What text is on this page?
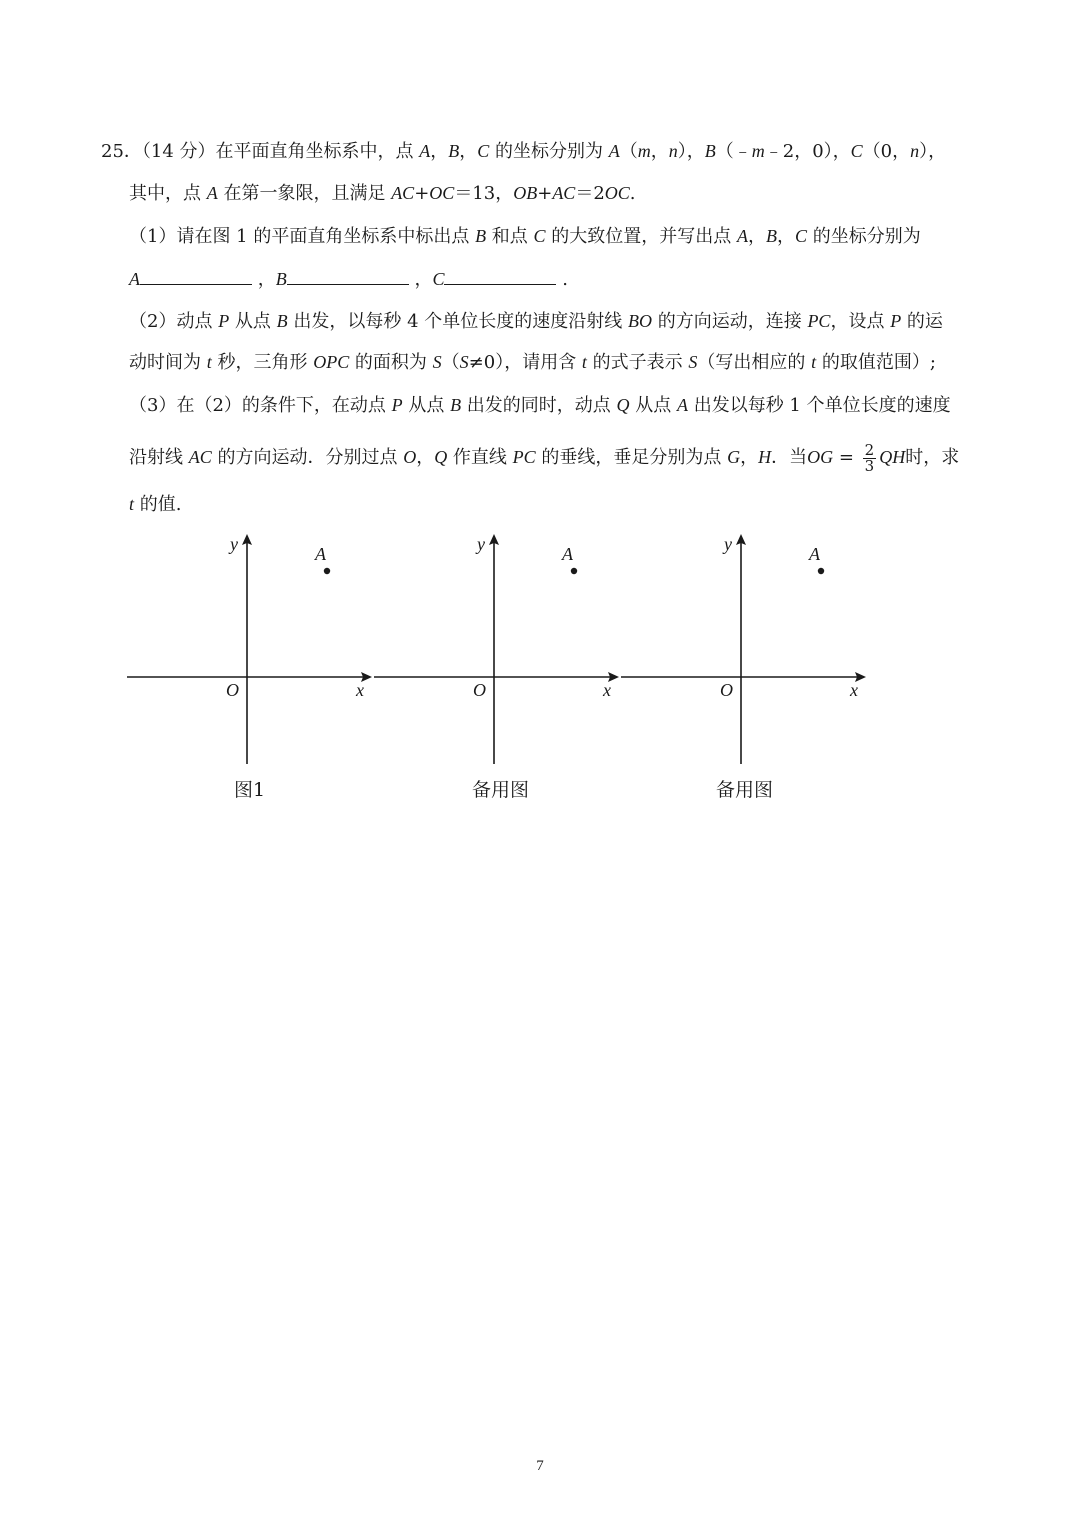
25．（14 分）在平面直角坐标系中，点 A，B，C 的坐标分别为 A（m，n），B（﹣m﹣2，0），C（0，n），
其中，点 A 在第一象限，且满足 AC+OC＝13，OB+AC＝2OC.
（1）请在图 1 的平面直角坐标系中标出点 B 和点 C 的大致位置，并写出点 A，B，C 的坐标分别为
A	，B	，C	.
（2）动点 P 从点 B 出发，以每秒 4 个单位长度的速度沿射线 BO 的方向运动，连接 PC，设点 P 的运
动时间为 t 秒，三角形 OPC 的面积为 S（S≠0），请用含 t 的式子表示 S（写出相应的 t 的取值范围）;
（3）在（2）的条件下，在动点 P 从点 B 出发的同时，动点 Q 从点 A 出发以每秒 1 个单位长度的速度
沿射线 AC 的方向运动．分别过点 O，Q 作直线 PC 的垂线，垂足分别为点 G，H．当OG = $\frac{2}{3}$ QH时，求
t 的值.
y
x
O
A
图1
y
x
O
A
备用图
y
x
O
A
备用图
7
